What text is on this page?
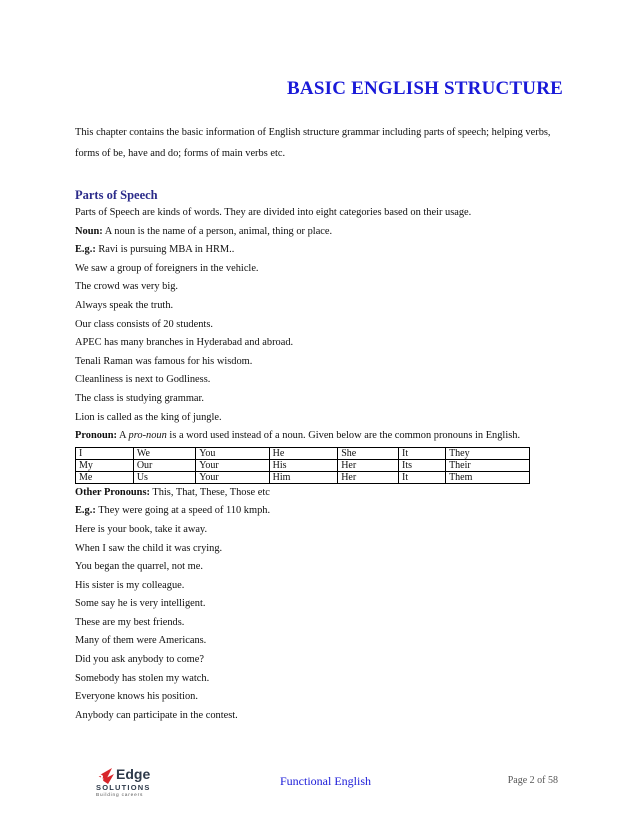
BASIC ENGLISH STRUCTURE

This chapter contains the basic information of English structure grammar including parts of speech; helping verbs, forms of be, have and do; forms of main verbs etc.

Parts of Speech
Parts of Speech are kinds of words. They are divided into eight categories based on their usage.
Noun: A noun is the name of a person, animal, thing or place.
E.g.: Ravi is pursuing MBA in HRM..
We saw a group of foreigners in the vehicle.
The crowd was very big.
Always speak the truth.
Our class consists of 20 students.
APEC has many branches in Hyderabad and abroad.
Tenali Raman was famous for his wisdom.
Cleanliness is next to Godliness.
The class is studying grammar.
Lion is called as the king of jungle.
Pronoun: A pro-noun is a word used instead of a noun. Given below are the common pronouns in English.
I	We	You	He	She	It	They
My	Our	Your	His	Her	Its	Their
Me	Us	Your	Him	Her	It	Them
Other Pronouns: This, That, These, Those etc
E.g.: They were going at a speed of 110 kmph.
Here is your book, take it away.
When I saw the child it was crying.
You began the quarrel, not me.
His sister is my colleague.
Some say he is very intelligent.
These are my best friends.
Many of them were Americans.
Did you ask anybody to come?
Somebody has stolen my watch.
Everyone knows his position.
Anybody can participate in the contest.
3 Edge
SOLUTIONS
Building careers
Functional English	Page 2 of 58
